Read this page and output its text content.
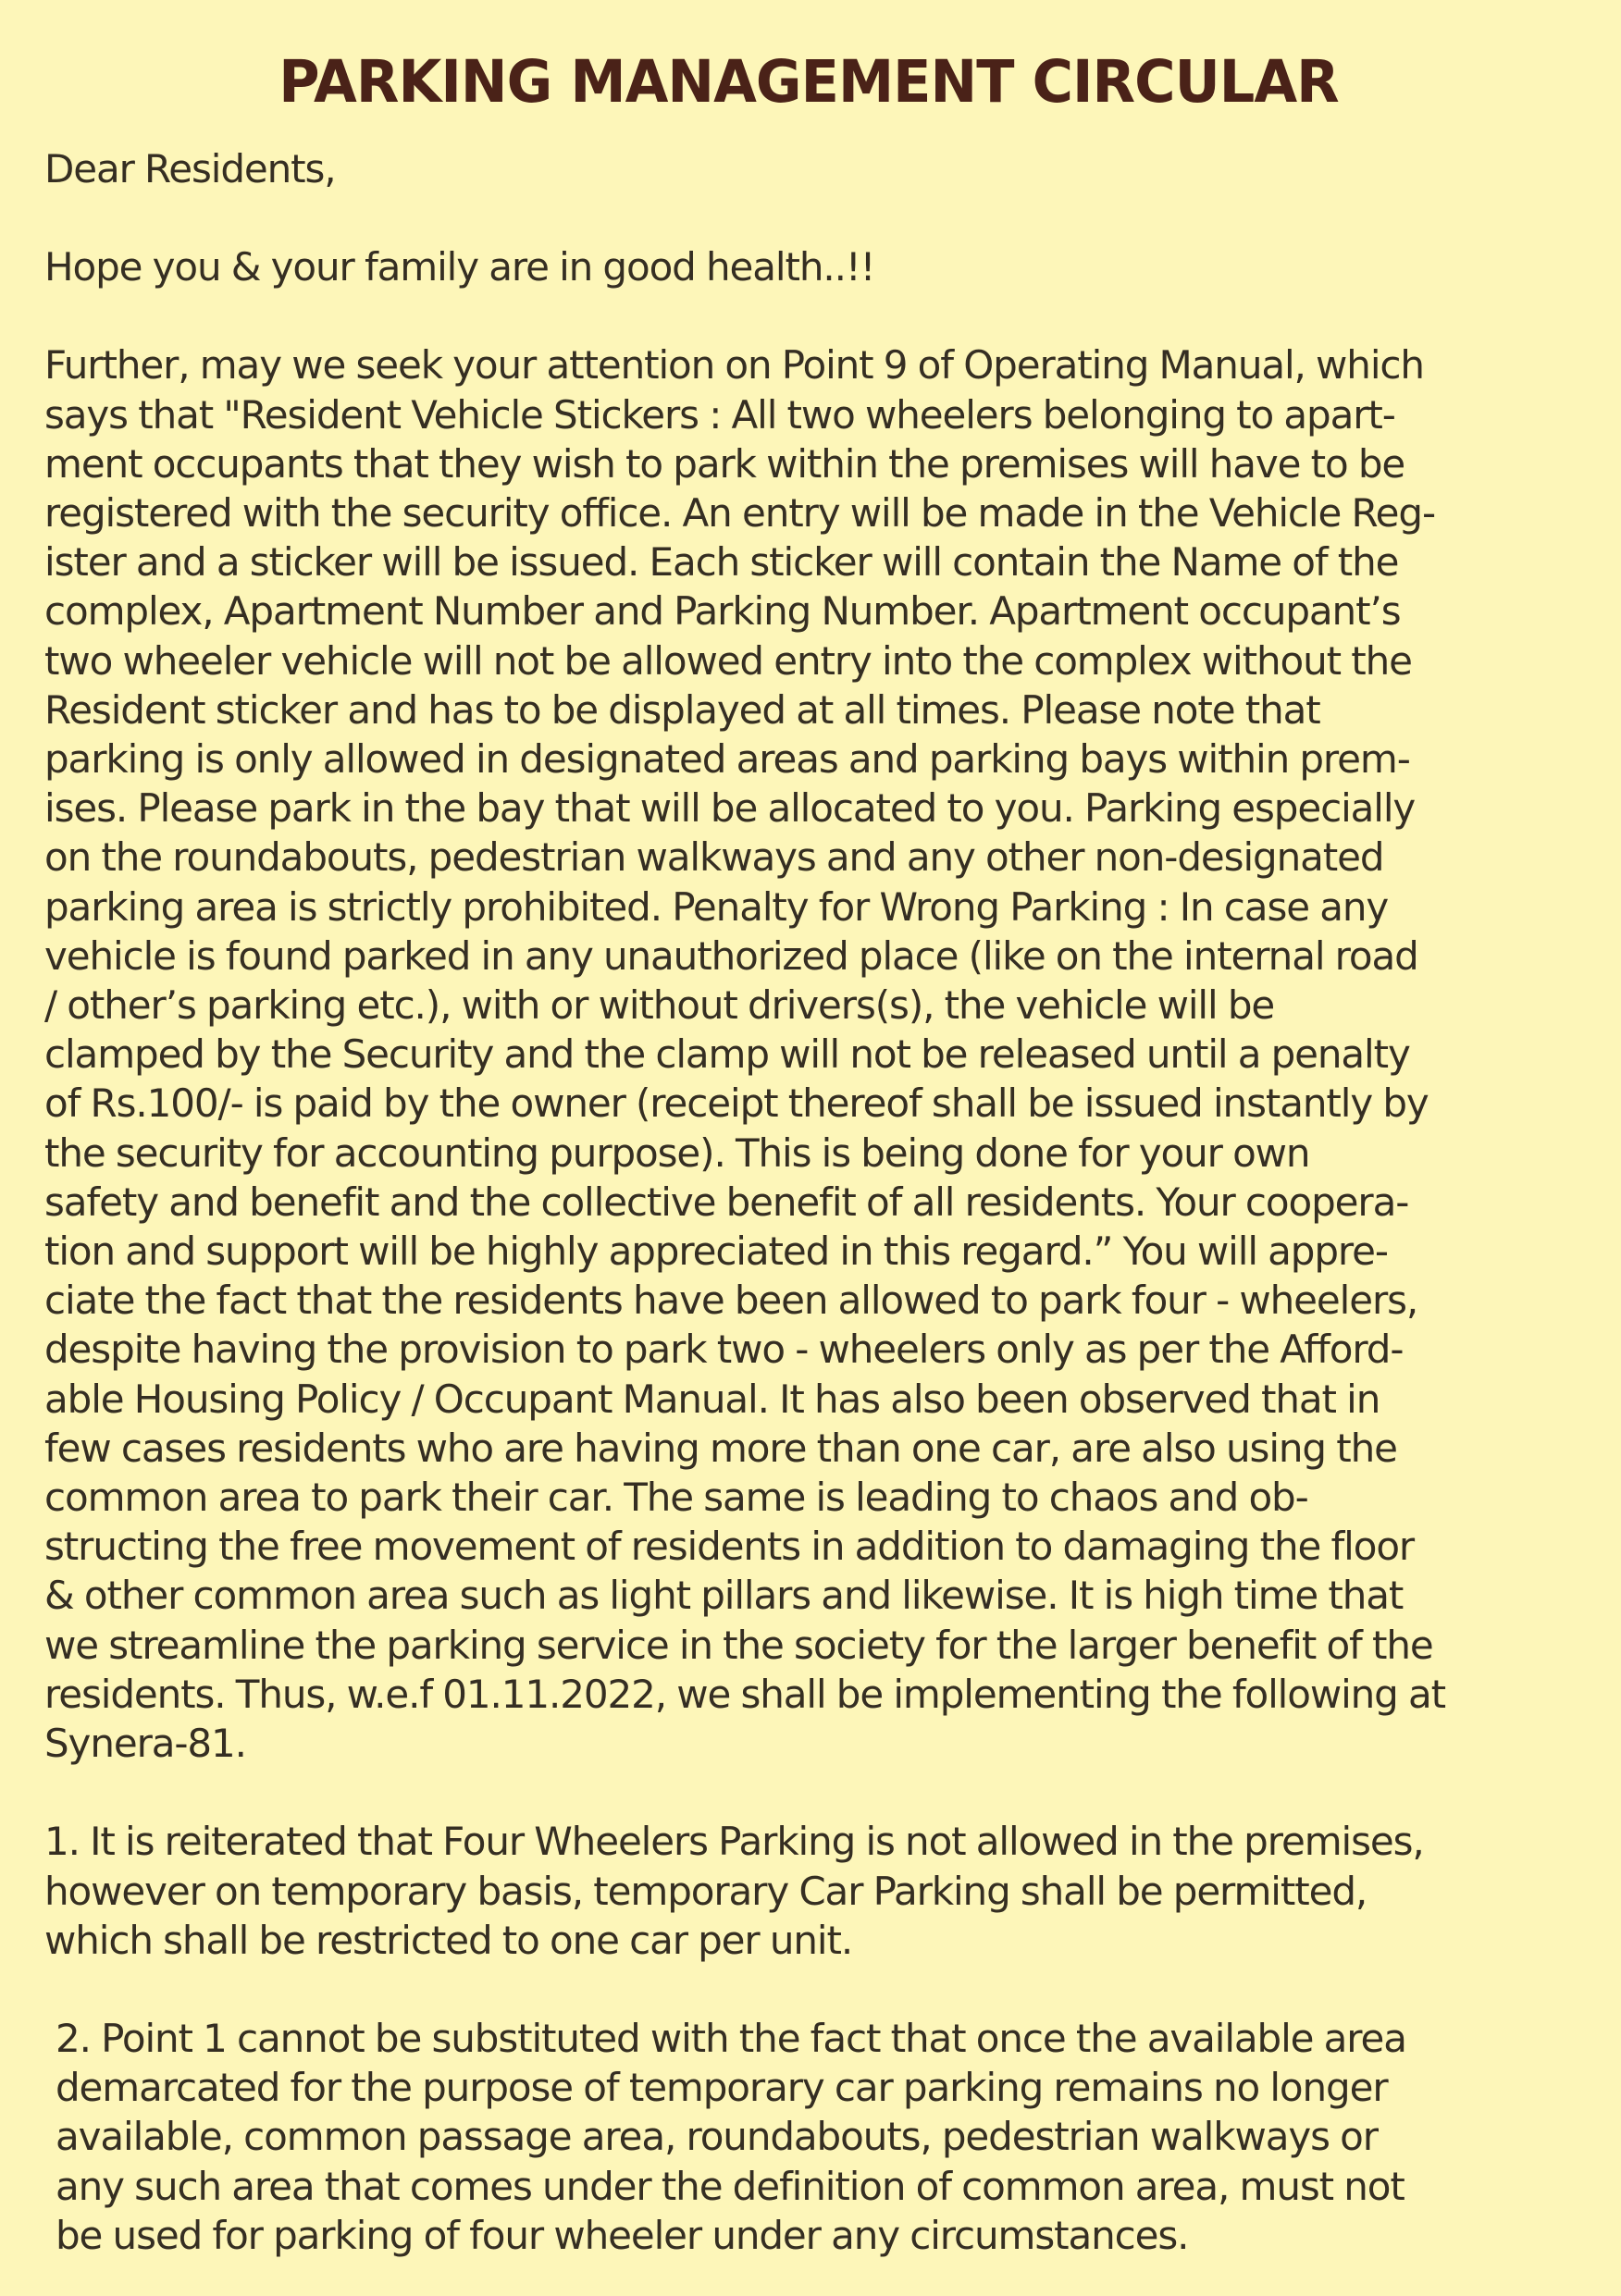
PARKING MANAGEMENT CIRCULAR

Dear Residents,

Hope you & your family are in good health..!!

Further, may we seek your attention on Point 9 of Operating Manual, which
says that "Resident Vehicle Stickers : All two wheelers belonging to apart-
ment occupants that they wish to park within the premises will have to be
registered with the security office. An entry will be made in the Vehicle Reg-
ister and a sticker will be issued. Each sticker will contain the Name of the
complex, Apartment Number and Parking Number. Apartment occupant’s
two wheeler vehicle will not be allowed entry into the complex without the
Resident sticker and has to be displayed at all times. Please note that
parking is only allowed in designated areas and parking bays within prem-
ises. Please park in the bay that will be allocated to you. Parking especially
on the roundabouts, pedestrian walkways and any other non-designated
parking area is strictly prohibited. Penalty for Wrong Parking : In case any
vehicle is found parked in any unauthorized place (like on the internal road
/ other’s parking etc.), with or without drivers(s), the vehicle will be
clamped by the Security and the clamp will not be released until a penalty
of Rs.100/- is paid by the owner (receipt thereof shall be issued instantly by
the security for accounting purpose). This is being done for your own
safety and benefit and the collective benefit of all residents. Your coopera-
tion and support will be highly appreciated in this regard.” You will appre-
ciate the fact that the residents have been allowed to park four - wheelers,
despite having the provision to park two - wheelers only as per the Afford-
able Housing Policy / Occupant Manual. It has also been observed that in
few cases residents who are having more than one car, are also using the
common area to park their car. The same is leading to chaos and ob-
structing the free movement of residents in addition to damaging the floor
& other common area such as light pillars and likewise. It is high time that
we streamline the parking service in the society for the larger benefit of the
residents. Thus, w.e.f 01.11.2022, we shall be implementing the following at
Synera-81.

1. It is reiterated that Four Wheelers Parking is not allowed in the premises,
however on temporary basis, temporary Car Parking shall be permitted,
which shall be restricted to one car per unit.

2. Point 1 cannot be substituted with the fact that once the available area
demarcated for the purpose of temporary car parking remains no longer
available, common passage area, roundabouts, pedestrian walkways or
any such area that comes under the definition of common area, must not
be used for parking of four wheeler under any circumstances.
